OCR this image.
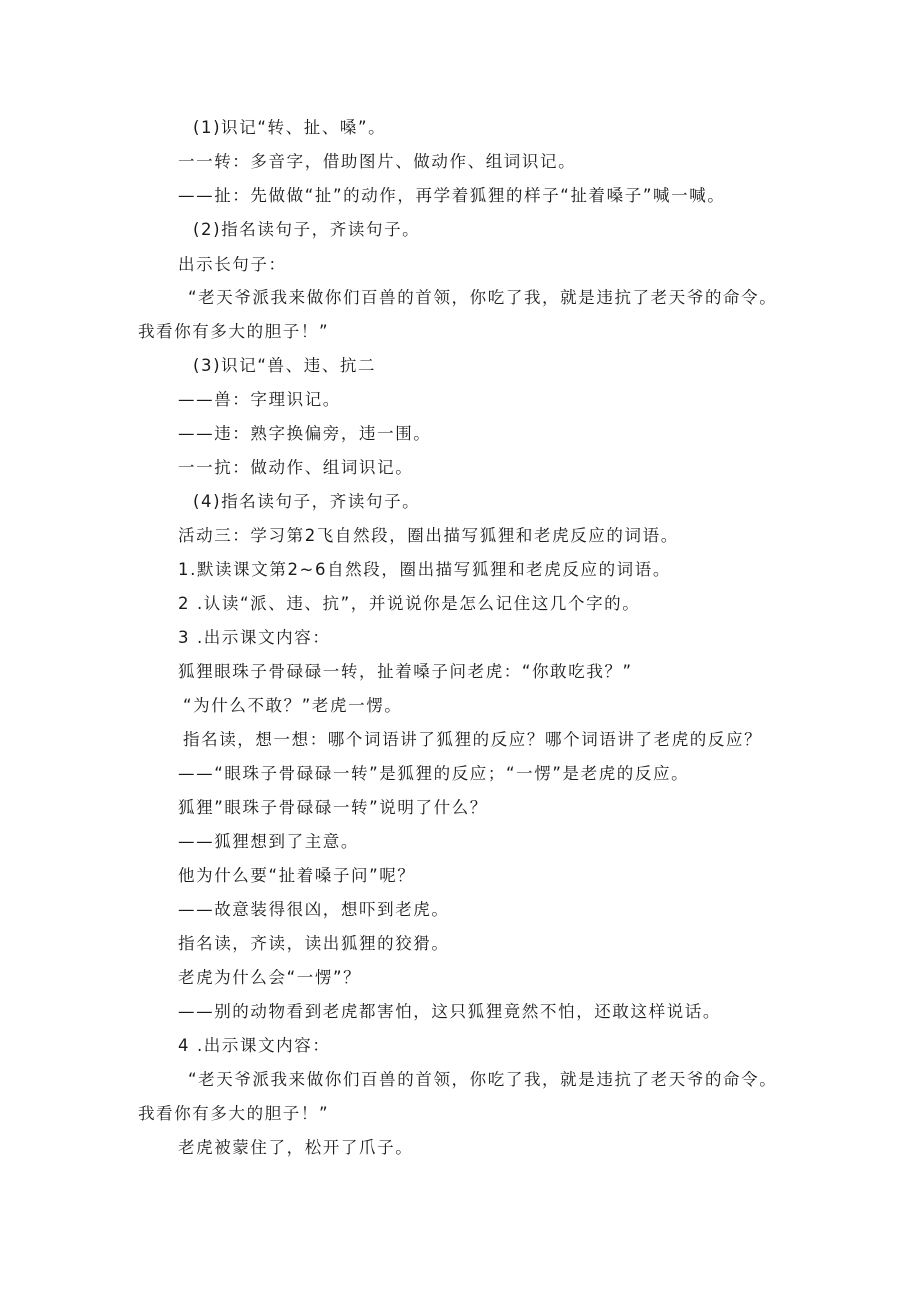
(1)识记“转、扯、嗓”。
一一转：多音字，借助图片、做动作、组词识记。
——扯：先做做“扯”的动作，再学着狐狸的样子“扯着嗓子”喊一喊。
(2)指名读句子，齐读句子。
出示长句子：
“老天爷派我来做你们百兽的首领，你吃了我，就是违抗了老天爷的命令。
我看你有多大的胆子！”
(3)识记“兽、违、抗二
——兽：字理识记。
——违：熟字换偏旁，违一围。
一一抗：做动作、组词识记。
(4)指名读句子，齐读句子。
活动三：学习第2飞自然段，圈出描写狐狸和老虎反应的词语。
1.默读课文第2~6自然段，圈出描写狐狸和老虎反应的词语。
2 .认读“派、违、抗”，并说说你是怎么记住这几个字的。
3 .出示课文内容：
狐狸眼珠子骨碌碌一转，扯着嗓子问老虎：“你敢吃我？”
“为什么不敢？”老虎一愣。
指名读，想一想：哪个词语讲了狐狸的反应？哪个词语讲了老虎的反应？
——“眼珠子骨碌碌一转”是狐狸的反应；“一愣”是老虎的反应。
狐狸”眼珠子骨碌碌一转”说明了什么？
——狐狸想到了主意。
他为什么要“扯着嗓子问”呢？
——故意装得很凶，想吓到老虎。
指名读，齐读，读出狐狸的狡猾。
老虎为什么会“一愣”？
——别的动物看到老虎都害怕，这只狐狸竟然不怕，还敢这样说话。
4 .出示课文内容：
“老天爷派我来做你们百兽的首领，你吃了我，就是违抗了老天爷的命令。
我看你有多大的胆子！”
老虎被蒙住了，松开了爪子。
